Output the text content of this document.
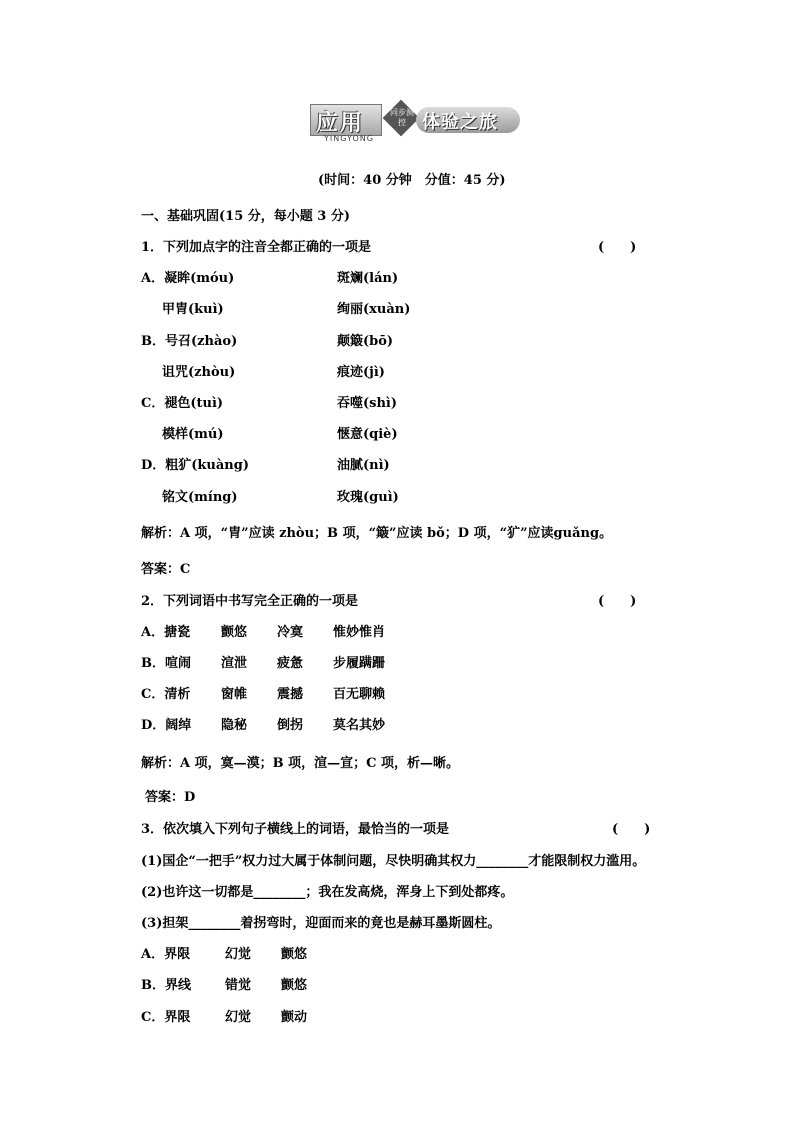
应用
YINGYONG
同步测控 体验之旅
(时间：40 分钟　分值：45 分)
一、基础巩固(15 分，每小题 3 分)
1．下列加点字的注音全都正确的一项是	(　　)
A．凝眸(móu)	斑斓(lán)
甲胄(kuì)	绚丽(xuàn)
B．号召(zhào)	颠簸(bō)
诅咒(zhòu)	痕迹(jì)
C．褪色(tuì)	吞噬(shì)
模样(mú)	惬意(qiè)
D．粗犷(kuàng)	油腻(nì)
铭文(míng)	玫瑰(guì)
解析：A 项，“胄”应读 zhòu；B 项，“簸”应读 bǒ；D 项，“犷”应读guǎng。
答案：C
2．下列词语中书写完全正确的一项是	(　　)
A．搪瓷 颤悠 冷寞 惟妙惟肖
B．喧闹 渲泄 疲惫 步履蹒跚
C．清析 窗帷 震撼 百无聊赖
D．阔绰 隐秘 倒拐 莫名其妙
解析：A 项，寞—漠；B 项，渲—宣；C 项，析—晰。
答案：D
3．依次填入下列句子横线上的词语，最恰当的一项是	(　　)
(1)国企“一把手”权力过大属于体制问题，尽快明确其权力________才能限制权力滥用。
(2)也许这一切都是________；我在发高烧，浑身上下到处都疼。
(3)担架________着拐弯时，迎面而来的竟也是赫耳墨斯圆柱。
A．界限	幻觉 颤悠
B．界线	错觉 颤悠
C．界限	幻觉 颤动
